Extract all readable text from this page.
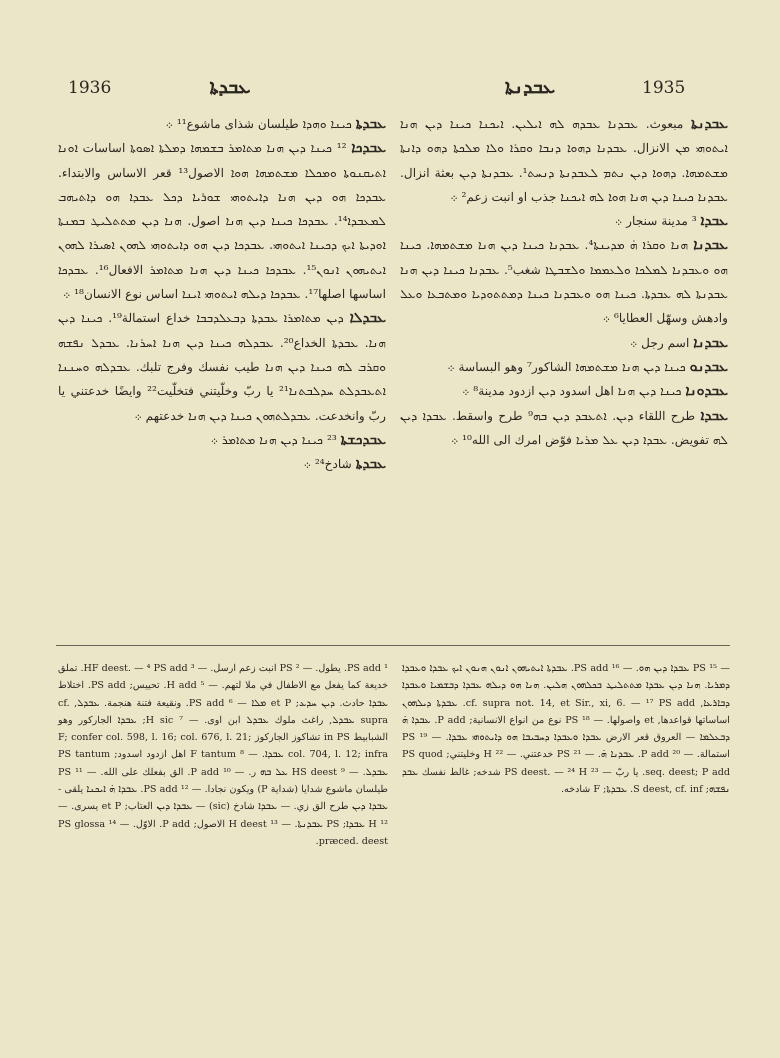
1936	ܥܒܕܬܐ	ܥܒܕܢܬܐ	1935

ܥܒܕܬܐ ܟܝܢܐ ܘܗܕܐ طيلسان شذاى ماشوع¹¹ ܀

ܥܒܕܟܐ ¹² ܟܝܢܐ ܕܝܢ ܗܢܐ ܡܬܐܡܪ ܒܫܡܗܐ ܕܡܠܬܐ ܐܣܘܬܐ اساسات ܐܘܢܐ ܐܬܝܩܢܘܬܐ ܘܡܟܠܐ ܡܫܬܡܗܐ ܗܘܐ الاصول¹³ قعر الاساس والابتداء. ܥܒܕܟܐ ܗܘ ܕܝܢ ܗܢܐ ܕܐܝܬܘܗܝ ܫܘܪܝܐ ܕܟܠ ܥܒܕܐ ܗܘ ܕܐܬܝܗܒ ܠܡܥܒܕܐ¹⁴. ܥܒܕܟܐ ܟܝܢܐ ܕܝܢ ܗܢܐ اصول. ܗܢܐ ܕܝܢ ܡܬܬܠܝܛ ܒܡܢܬܐ ܐܘܕܝܬܐ ܐܝܟ ܕܟܝܢܐ ܐܝܬܘܗܝ. ܥܒܕܟܐ ܕܝܢ ܗܘ ܕܐܝܬܘܗܝ ܠܗܘܢ ܐܣܝܪܐ ܠܗܘܢ ܐܝܬܝܗܘܢ ܐܢܘܢ¹⁵. ܥܒܕܟܐ ܟܝܢܐ ܕܝܢ ܗܢܐ ܡܬܐܡܪ الافعال¹⁶. ܥܒܕܟܐ اساسها اصلها¹⁷. ܥܒܕܟܐ ܕܝܠܗ ܐܝܬܘܗܝ ܐܝܢܐ اساس نوع الانسان¹⁸ ܀

ܥܒܕܠܐ ܕܝܢ ܡܬܐܡܪܐ ܥܒܕܬܐ ܕܒܥܠܕܒܒܐ خداع استمالة¹⁹. ܟܝܢܐ ܕܝܢ ܗܢܐ. ܥܒܕܬܐ الخداع²⁰. ܥܒܕܠܗ ܟܝܢܐ ܕܝܢ ܗܢܐ ܐܚܪܢܐ. ܥܒܕܠ ܢܦܫܗ ܘܩܪܒ ܠܗ ܟܝܢܐ ܕܝܢ ܗܢܐ طيب نفسك وفرج تلبك. ܥܒܕܠܗ ܘܚܢܢܐ ܐܬܥܒܕܠܬ ܚܕܠܒܬܢܐ²¹ يا ربّ وخلّيتني فتخلّيت²² وايضًا خدعتني يا ربّ وانخدعت. ܥܒܕܠܬܗܘܢ ܟܝܢܐ ܕܝܢ ܗܢܐ خدعتهم ܀

ܥܒܕܟܫܬܐ ²³ ܟܝܢܐ ܕܝܢ ܗܢܐ ܡܬܐܡܪ ܀

ܥܒܕܬܐ شادخ²⁴ ܀

ܥܒܕܢܬܐ مبعوث. ܥܒܕܢܐ ܥܒܕܗ ܠܗ ܐܝܠܝܢ. ܐܝܟܢܐ ܟܝܢܐ ܕܝܢ ܗܢܐ ܐܝܬܘܗܝ ܡܢ الانزال. ܥܒܕܢܐ ܕܗܘܐ ܕܢܒܐ ܘܩܪܐ ܘܠܐ ܡܠܟܬܐ ܕܗܘ ܕܐܢܬܐ ܡܫܬܡܗܐ. ܕܗܘܐ ܕܝܢ ܢܬܡ ܠܥܒܕܢܬܐ ܕܢܚܬ¹. ܥܒܕܢܬܐ ܕܝܢ بعثة انزال. ܥܒܕܢܐ ܟܝܢܐ ܕܝܢ ܗܢܐ ܗܘܐ ܠܗ ܐܝܟܢܐ جذب او انبت زعم² ܀

ܥܒܕܐ ³ مدينة سنجار ܀

ܥܒܕܢܐ ܗܢܐ ܘܩܪܐ ܗ̇ ܡܕܝܢܬܐ⁴. ܥܒܕܢܐ ܟܝܢܐ ܕܝܢ ܗܢܐ ܡܫܬܡܗܐ. ܟܝܢܐ ܗܘ ܘܥܒܕܢܐ ܠܡܠܟܐ ܘܠܥܡܡܐ ܘܠܫܒܛܐ شغب⁵. ܥܒܕܢܐ ܟܝܢܐ ܕܝܢ ܗܢܐ ܥܒܕܢܬܐ ܠܗ ܥܒܕܬܐ. ܟܝܢܐ ܗܘ ܘܥܒܕܢܐ ܟܝܢܐ ܕܡܬܬܘܕܝܐ ܘܡܬܒܥܐ ܘܥܠ وادهش وسهّل العطايا⁶ ܀

ܥܒܕܢܐ اسم رجل ܀

ܥܒܕܢܘ ܟܝܢܐ ܕܝܢ ܗܢܐ ܡܫܬܡܗܐ الشاكور⁷ وهو البساسة ܀

ܥܒܕܘܢܐ ܟܝܢܐ ܕܝܢ ܗܢܐ اهل اسدود ܕܝܢ ازدود مدينة⁸ ܀

ܥܒܕܐ طرح اللقاء ܕܝܢ. ܐܬܥܒܕ ܕܝܢ ܒܗ⁹ طرح واسقط. ܥܒܕܐ ܕܝܢ ܠܗ تفويض. ܥܒܕܐ ܕܝܢ ܥܠ ܡܪܝܐ فوّض امرك الى الله¹⁰ ܀

¹ PS add. يطول. — ² PS انبت زعم ارسل. — ³ HF deest. — ⁴ PS add. تملق خديعة كما يفعل مع الاطفال في ملا لتهم. — ⁵ H add. تحييس; PS add. اختلاط ܥܒܕܐ حادث. ܕܝܢ ܚܕܥ; et P ܡܠܐ — ⁶ PS add. ونقيعة فتنة هنجمة. ܥܒܕܠ, cf. supra ܥܒܕܠ, راغث ملوك ܥܒܕܠ ابن اوى. — ⁷ H sic; ܥܒܕܐ الجاركور وهو الشبابيط in PS تشاكوز الجاركوز F; confer col. 598, l. 16; col. 676, l. 21; col. 704, l. 12; infra ܥܒܕܐ. — ⁸ F tantum اهل ازدود اسدود; PS tantum ܥܒܕܠ. — ⁹ HS deest ܥܠ ܒܗ ر. — ¹⁰ P add. الق بفعلك على الله. — ¹¹ PS طيلسان ماشوع شدايا (شداية P) ويكون نجادا. — ¹² PS add. ܥܒܕܐ ܗ̇ ܐܝܟܢܐ يلقى - ܥܒܕܐ ܕܝܢ طرح الق زي. — ܥܒܕܐ شادخ (sic) — ܥܒܕܐ ܕܝܢ العتاب; et P يسرى. — ¹² H ܥܒܕܐ; PS ܥܒܕܢܬܐ. — ¹³ H deest الاصول; P add. الاوّل. — ¹⁴ PS glossa præced. deest.
— ¹⁵ PS ܥܒܕܐ ܕܝܢ ܗܘ. — ¹⁶ PS add. ܥܒܕܬܐ ܐܝܬܝܗܘܢ ܐܢܘܢ ܗܢܘܢ ܐܝܟ ܥܒܕܐ ܘܥܒܕܐ ܕܡܪܝܐ. ܗܢܐ ܕܝܢ ܥܒܕܐ ܡܬܬܠܝܛ ܒܟܠܗܘܢ ܗܠܝܢ. ܗܢܐ ܗܘ ܕܝܠܗ ܥܒܕܐ ܕܒܫܡܝܐ ܘܥܒܕܐ ܕܒܐܪܥܐ, cf. supra not. 14, et Sir., xi, 6. — ¹⁷ PS add. ܥܒܕܬܐ ܕܝܠܗܘܢ اساساتها قواعدها, et واصولها. — ¹⁸ PS نوع من انواع الانسانية; P add. ܥܒܕܐ ܗ̇ ܕܒܥܠܡܐ — العروق قعر الارض ܥܒܕܐ ܘܥܒܕܐ ܕܚܒܝܒܐ ܗܘ ܕܐܝܬܘܗܝ ܥܒܕܐ. — ¹⁹ PS استمالة. — ²⁰ P add. ܥܒܕܢܐ ܗ̇. — ²¹ PS خدعتني. — ²² H وخليتني; PS quod seq. deest; P add. يا ربّ — ²³ PS deest. — ²⁴ H شدخه; غالط نفسك ܥܒܕ ܢܦܫܗ; S deest, cf. inf. ܥܒܕܬܐ; F شادخه.
